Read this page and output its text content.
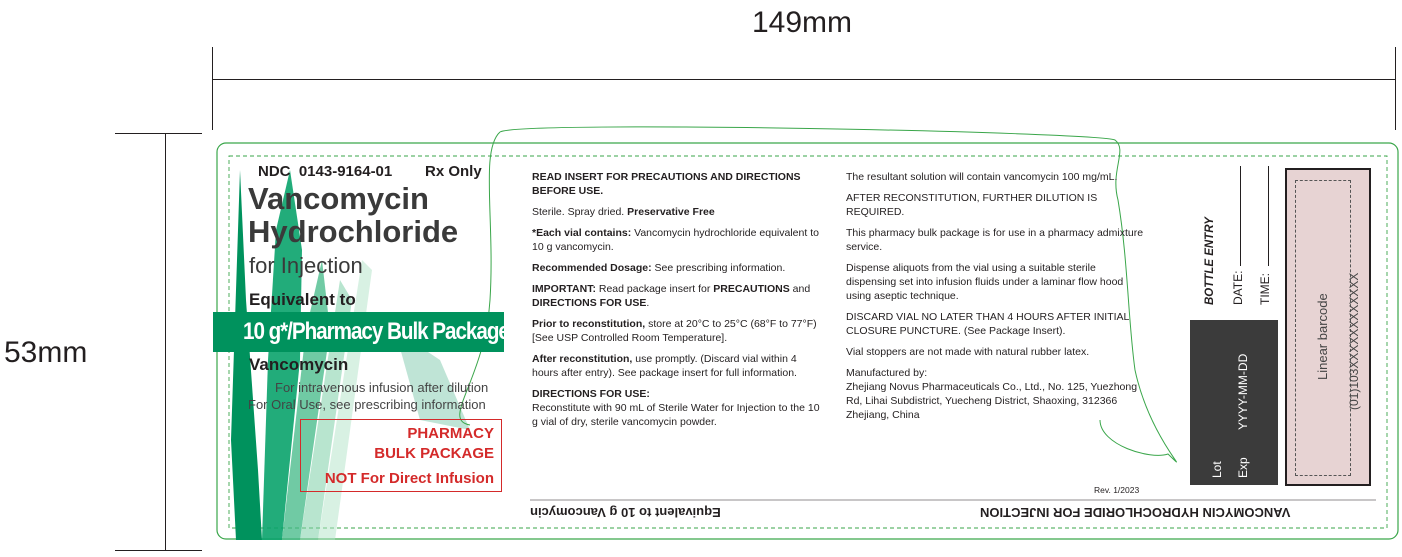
149mm
53mm
NDC  0143-9164-01 Rx Only
Vancomycin
Hydrochloride
for Injection
Equivalent to
10 g*/Pharmacy Bulk Package
Vancomycin
For intravenous infusion after dilution
For Oral Use, see prescribing information
PHARMACY
BULK PACKAGE
NOT For Direct Infusion

READ INSERT FOR PRECAUTIONS AND DIRECTIONS BEFORE USE.

Sterile. Spray dried. Preservative Free

*Each vial contains: Vancomycin hydrochloride equivalent to 10 g vancomycin.

Recommended Dosage: See prescribing information.

IMPORTANT: Read package insert for PRECAUTIONS and DIRECTIONS FOR USE.

Prior to reconstitution, store at 20°C to 25°C (68°F to 77°F) [See USP Controlled Room Temperature].

After reconstitution, use promptly. (Discard vial within 4 hours after entry). See package insert for full information.

DIRECTIONS FOR USE:

Reconstitute with 90 mL of Sterile Water for Injection to the 10 g vial of dry, sterile vancomycin powder.

The resultant solution will contain vancomycin 100 mg/mL.

AFTER RECONSTITUTION, FURTHER DILUTION IS REQUIRED.

This pharmacy bulk package is for use in a pharmacy admixture service.

Dispense aliquots from the vial using a suitable sterile dispensing set into infusion fluids under a laminar flow hood using aseptic technique.

DISCARD VIAL NO LATER THAN 4 HOURS AFTER INITIAL CLOSURE PUNCTURE. (See Package Insert).

Vial stoppers are not made with natural rubber latex.

Manufactured by:
Zhejiang Novus Pharmaceuticals Co., Ltd., No. 125, Yuezhong Rd, Lihai Subdistrict, Yuecheng District, Shaoxing, 312366 Zhejiang, China

Rev. 1/2023
BOTTLE ENTRY DATE: TIME:
Lot Exp
YYYY-MM-DD
Linear barcode (01)103XXXXXXXXXXXX
Equivalent to 10 g Vancomycin	VANCOMYCIN HYDROCHLORIDE FOR INJECTION
